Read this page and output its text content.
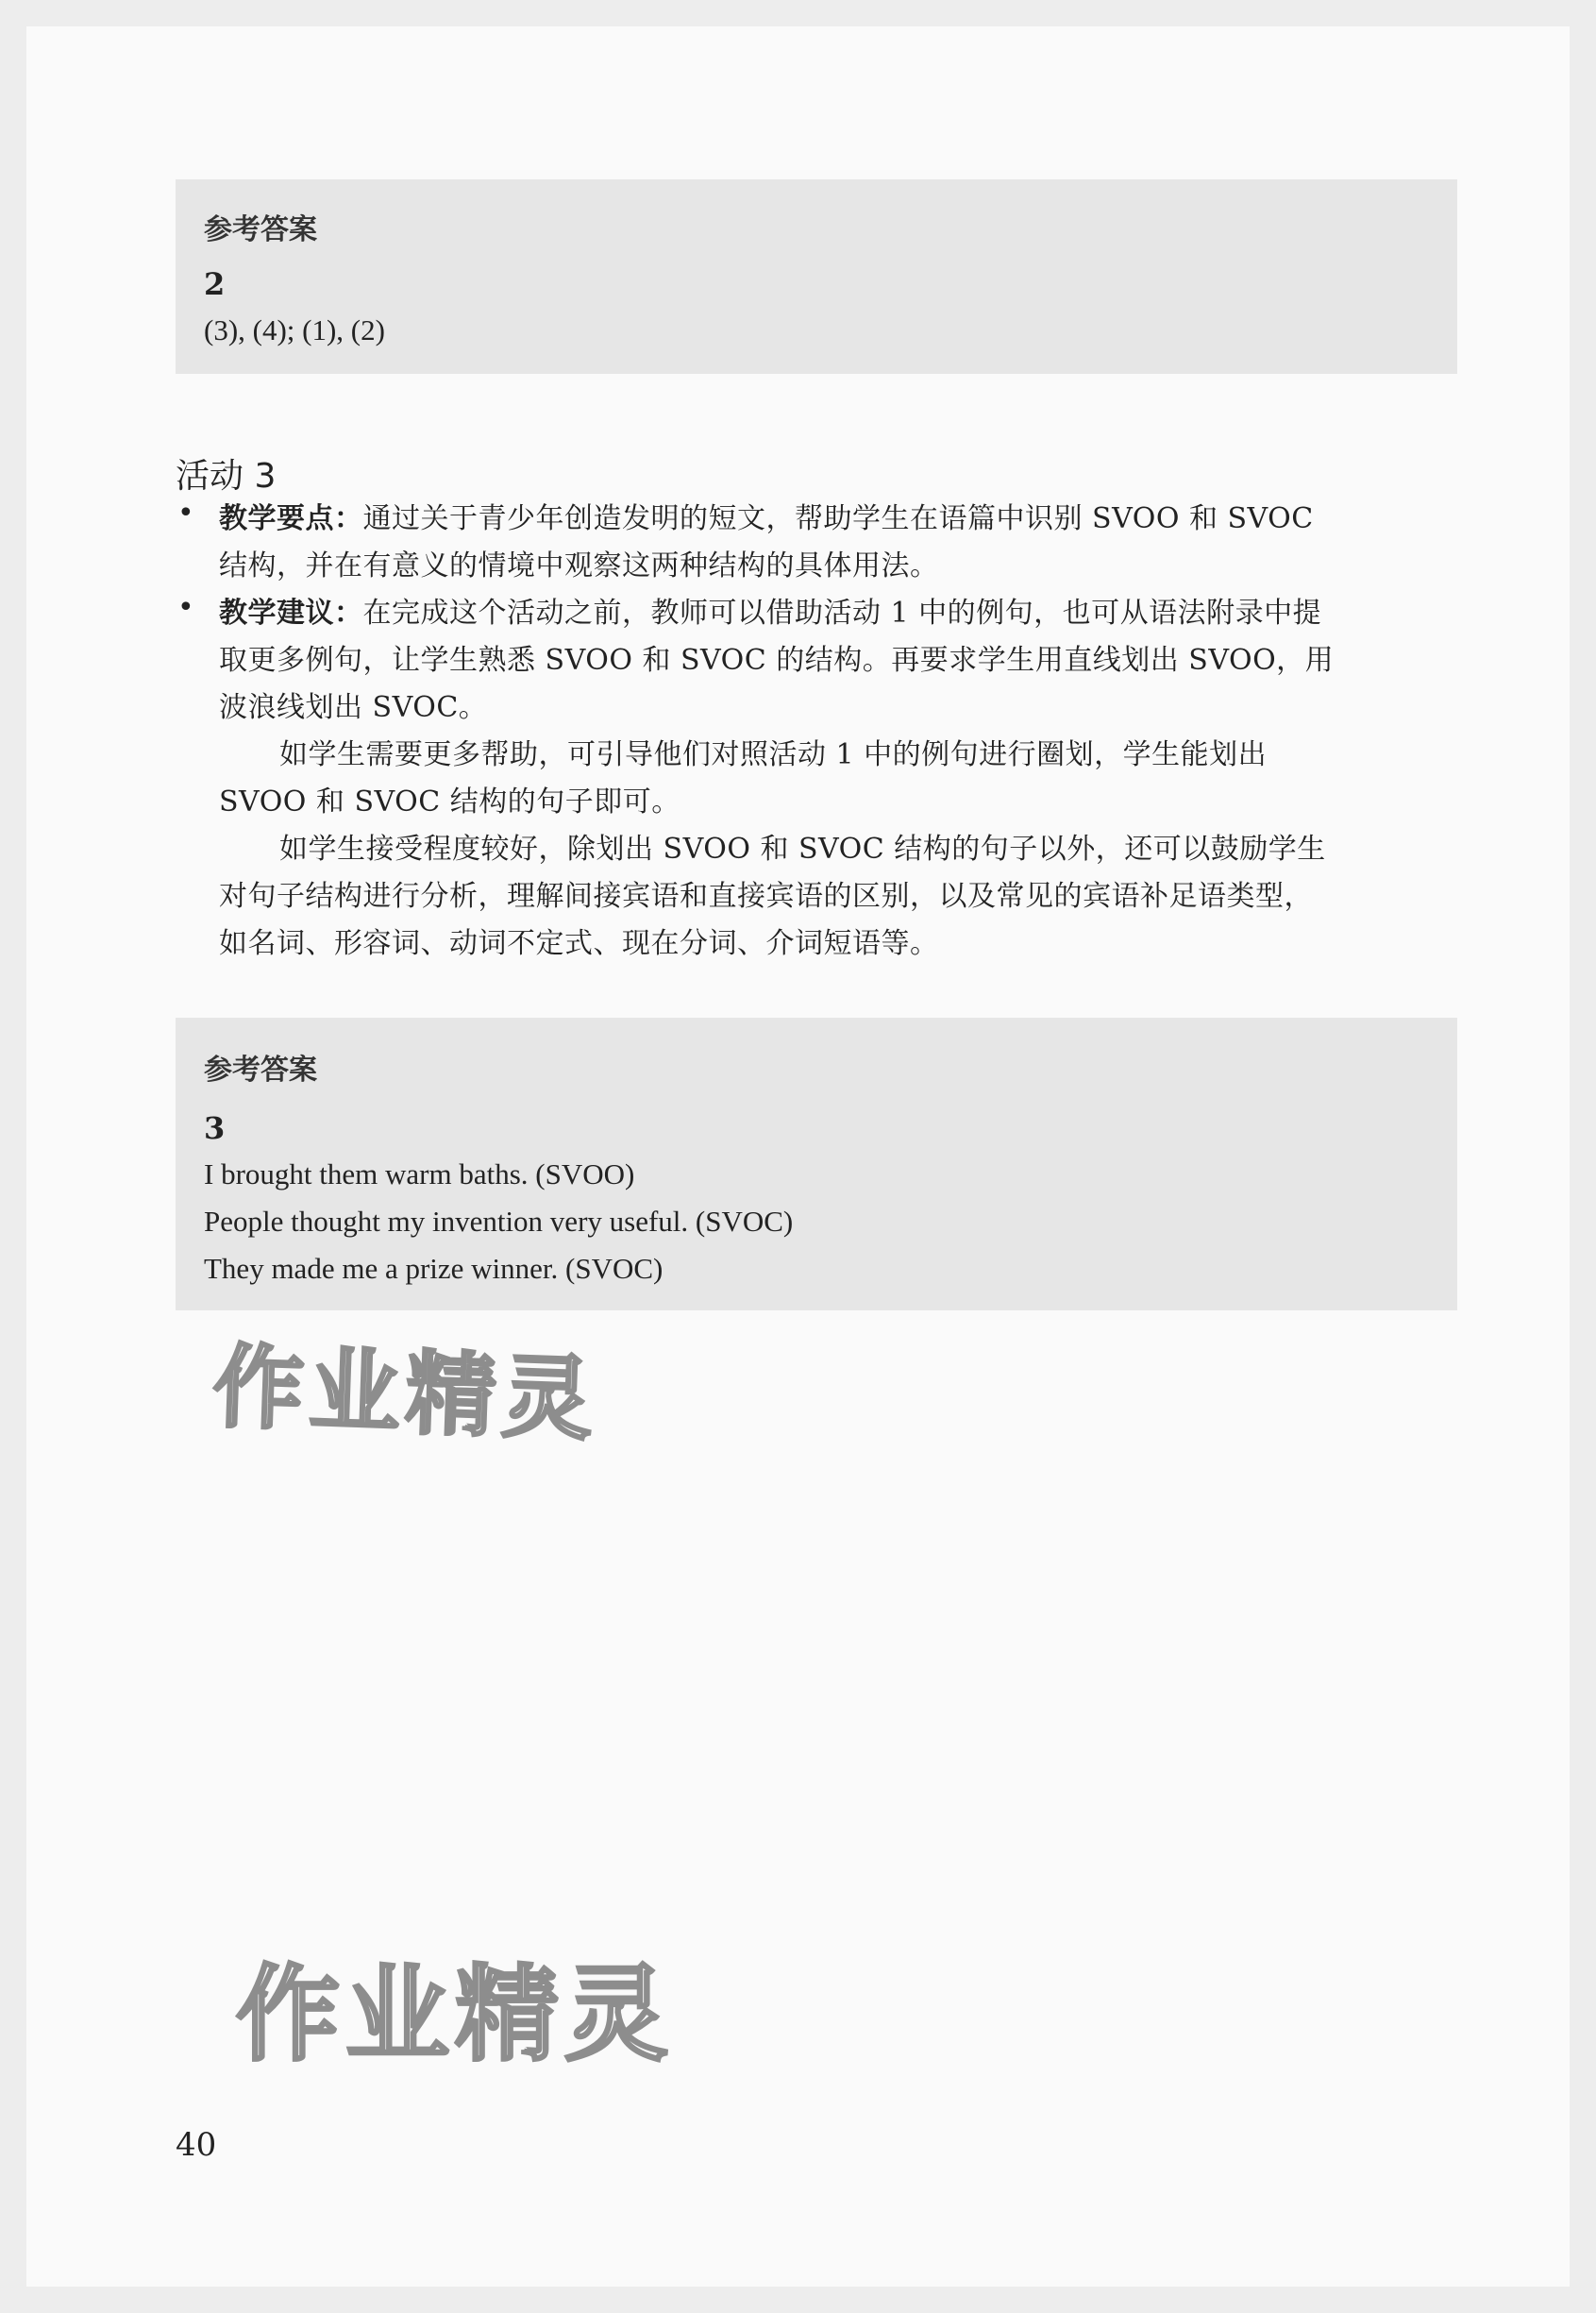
参考答案
2
(3), (4); (1), (2)
活动 3
• 教学要点：通过关于青少年创造发明的短文，帮助学生在语篇中识别 SVOO 和 SVOC
结构，并在有意义的情境中观察这两种结构的具体用法。
• 教学建议：在完成这个活动之前，教师可以借助活动 1 中的例句，也可从语法附录中提
取更多例句，让学生熟悉 SVOO 和 SVOC 的结构。再要求学生用直线划出 SVOO，用
波浪线划出 SVOC。
如学生需要更多帮助，可引导他们对照活动 1 中的例句进行圈划，学生能划出
SVOO 和 SVOC 结构的句子即可。
如学生接受程度较好，除划出 SVOO 和 SVOC 结构的句子以外，还可以鼓励学生
对句子结构进行分析，理解间接宾语和直接宾语的区别，以及常见的宾语补足语类型，
如名词、形容词、动词不定式、现在分词、介词短语等。
参考答案
3
I brought them warm baths. (SVOO)
People thought my invention very useful. (SVOC)
They made me a prize winner. (SVOC)
作业精灵
作业精灵
40
